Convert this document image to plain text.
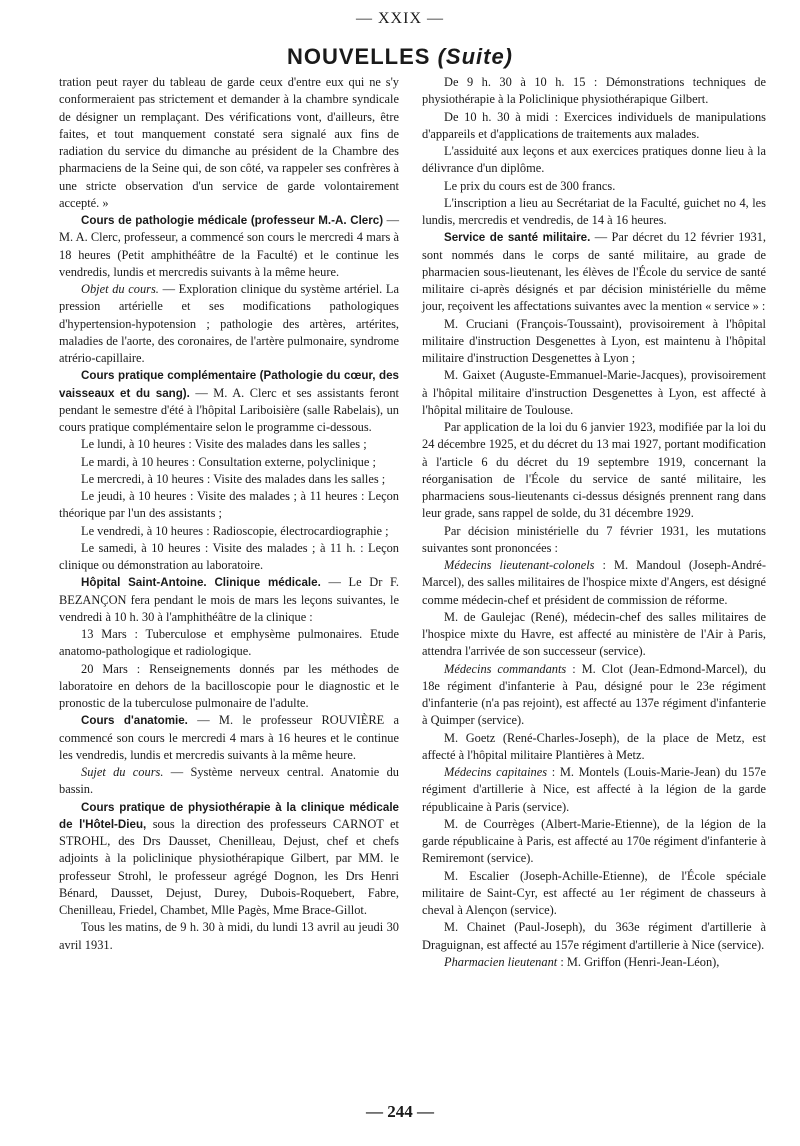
— XXIX —
NOUVELLES (Suite)

tration peut rayer du tableau de garde ceux d'entre eux qui ne s'y conformeraient pas strictement et demander à la chambre syndicale de désigner un remplaçant. Des vérifications vont, d'ailleurs, être faites, et tout manquement constaté sera signalé aux fins de radiation du service du dimanche au président de la Chambre des pharmaciens de la Seine qui, de son côté, va rappeler ses confrères à une stricte observation d'un service de garde volontairement accepté. »

Cours de pathologie médicale (professeur M.-A. Clerc) — M. A. Clerc, professeur, a commencé son cours le mercredi 4 mars à 18 heures (Petit amphithéâtre de la Faculté) et le continue les vendredis, lundis et mercredis suivants à la même heure.

Objet du cours. — Exploration clinique du système artériel. La pression artérielle et ses modifications pathologiques d'hypertension-hypotension ; pathologie des artères, artérites, maladies de l'aorte, des coronaires, de l'artère pulmonaire, syndrome atrério-capillaire.

Cours pratique complémentaire (Pathologie du cœur, des vaisseaux et du sang). — M. A. Clerc et ses assistants feront pendant le semestre d'été à l'hôpital Lariboisière (salle Rabelais), un cours pratique complémentaire selon le programme ci-dessous.

Le lundi, à 10 heures : Visite des malades dans les salles ;

Le mardi, à 10 heures : Consultation externe, polyclinique ;

Le mercredi, à 10 heures : Visite des malades dans les salles ;

Le jeudi, à 10 heures : Visite des malades ; à 11 heures : Leçon théorique par l'un des assistants ;

Le vendredi, à 10 heures : Radioscopie, électrocardiographie ;

Le samedi, à 10 heures : Visite des malades ; à 11 h. : Leçon clinique ou démonstration au laboratoire.

Hôpital Saint-Antoine. Clinique médicale. — Le Dr F. BEZANÇON fera pendant le mois de mars les leçons suivantes, le vendredi à 10 h. 30 à l'amphithéâtre de la clinique :

13 Mars : Tuberculose et emphysème pulmonaires. Etude anatomo-pathologique et radiologique.

20 Mars : Renseignements donnés par les méthodes de laboratoire en dehors de la bacilloscopie pour le diagnostic et le pronostic de la tuberculose pulmonaire de l'adulte.

Cours d'anatomie. — M. le professeur ROUVIÈRE a commencé son cours le mercredi 4 mars à 16 heures et le continue les vendredis, lundis et mercredis suivants à la même heure.

Sujet du cours. — Système nerveux central. Anatomie du bassin.

Cours pratique de physiothérapie à la clinique médicale de l'Hôtel-Dieu, sous la direction des professeurs CARNOT et STROHL, des Drs Dausset, Chenilleau, Dejust, chef et chefs adjoints à la policlinique physiothérapique Gilbert, par MM. le professeur Strohl, le professeur agrégé Dognon, les Drs Henri Bénard, Dausset, Dejust, Durey, Dubois-Roquebert, Fabre, Chenilleau, Friedel, Chambet, Mlle Pagès, Mme Brace-Gillot.

Tous les matins, de 9 h. 30 à midi, du lundi 13 avril au jeudi 30 avril 1931.

De 9 h. 30 à 10 h. 15 : Démonstrations techniques de physiothérapie à la Policlinique physiothérapique Gilbert.

De 10 h. 30 à midi : Exercices individuels de manipulations d'appareils et d'applications de traitements aux malades.

L'assiduité aux leçons et aux exercices pratiques donne lieu à la délivrance d'un diplôme.

Le prix du cours est de 300 francs.

L'inscription a lieu au Secrétariat de la Faculté, guichet no 4, les lundis, mercredis et vendredis, de 14 à 16 heures.

Service de santé militaire. — Par décret du 12 février 1931, sont nommés dans le corps de santé militaire, au grade de pharmacien sous-lieutenant, les élèves de l'École du service de santé militaire ci-après désignés et par décision ministérielle du même jour, reçoivent les affectations suivantes avec la mention « service » :

M. Cruciani (François-Toussaint), provisoirement à l'hôpital militaire d'instruction Desgenettes à Lyon, est maintenu à l'hôpital militaire d'instruction Desgenettes à Lyon ;

M. Gaixet (Auguste-Emmanuel-Marie-Jacques), provisoirement à l'hôpital militaire d'instruction Desgenettes à Lyon, est affecté à l'hôpital militaire de Toulouse.

Par application de la loi du 6 janvier 1923, modifiée par la loi du 24 décembre 1925, et du décret du 13 mai 1927, portant modification à l'article 6 du décret du 19 septembre 1919, concernant la réorganisation de l'École du service de santé militaire, les pharmaciens sous-lieutenants ci-dessus désignés prennent rang dans leur grade, sans rappel de solde, du 31 décembre 1929.

Par décision ministérielle du 7 février 1931, les mutations suivantes sont prononcées :

Médecins lieutenant-colonels : M. Mandoul (Joseph-André-Marcel), des salles militaires de l'hospice mixte d'Angers, est désigné comme médecin-chef et président de commission de réforme.

M. de Gaulejac (René), médecin-chef des salles militaires de l'hospice mixte du Havre, est affecté au ministère de l'Air à Paris, attendra l'arrivée de son successeur (service).

Médecins commandants : M. Clot (Jean-Edmond-Marcel), du 18e régiment d'infanterie à Pau, désigné pour le 23e régiment d'infanterie (n'a pas rejoint), est affecté au 137e régiment d'infanterie à Quimper (service).

M. Goetz (René-Charles-Joseph), de la place de Metz, est affecté à l'hôpital militaire Plantières à Metz.

Médecins capitaines : M. Montels (Louis-Marie-Jean) du 157e régiment d'artillerie à Nice, est affecté à la légion de la garde républicaine à Paris (service).

M. de Courrèges (Albert-Marie-Etienne), de la légion de la garde républicaine à Paris, est affecté au 170e régiment d'infanterie à Remiremont (service).

M. Escalier (Joseph-Achille-Etienne), de l'École spéciale militaire de Saint-Cyr, est affecté au 1er régiment de chasseurs à cheval à Alençon (service).

M. Chainet (Paul-Joseph), du 363e régiment d'artillerie à Draguignan, est affecté au 157e régiment d'artillerie à Nice (service).

Pharmacien lieutenant : M. Griffon (Henri-Jean-Léon),

— 244 —
